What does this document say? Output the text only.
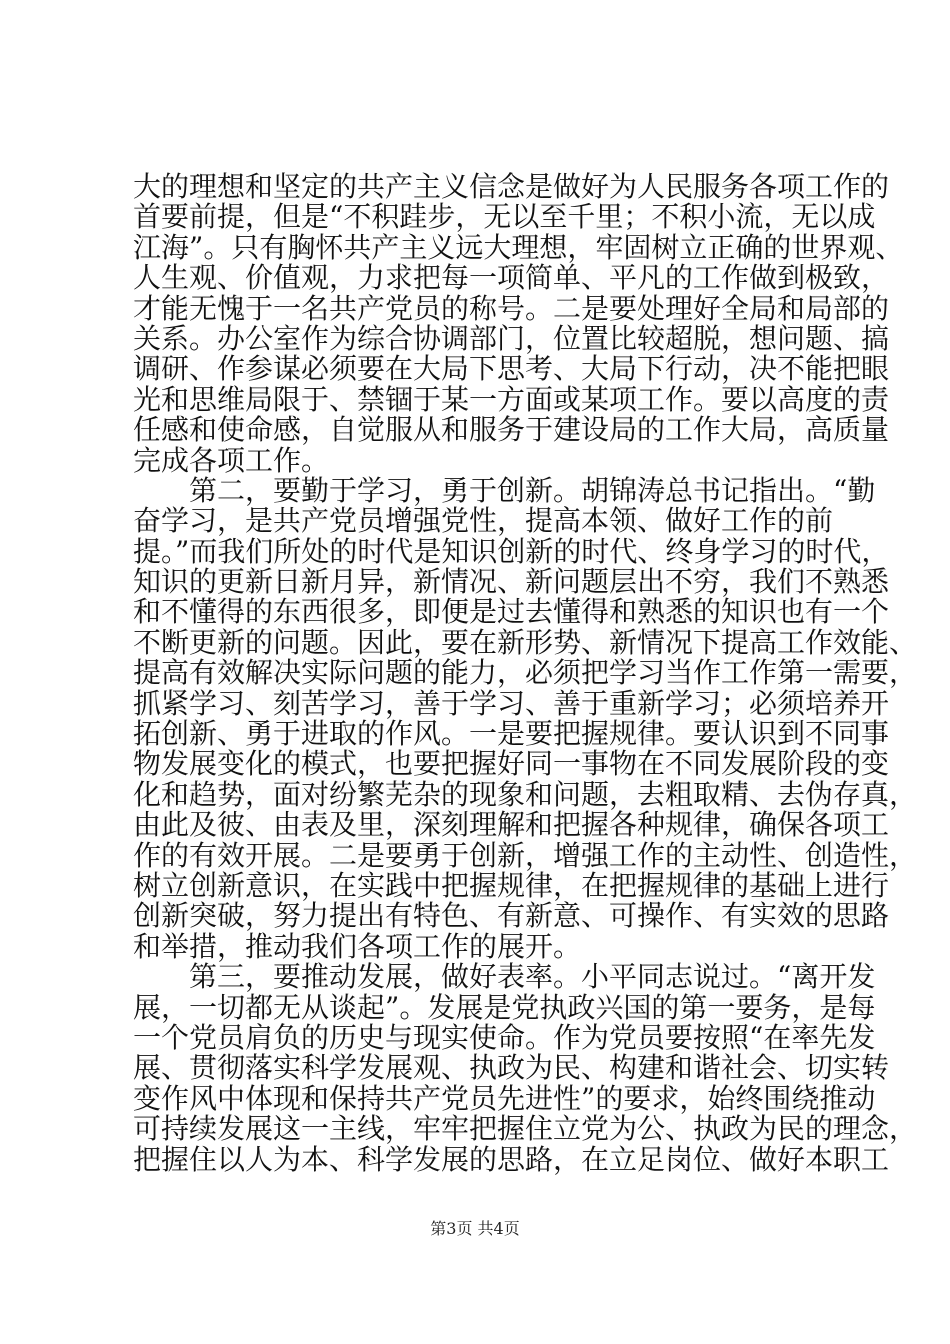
大的理想和坚定的共产主义信念是做好为人民服务各项工作的
首要前提，但是“不积跬步，无以至千里；不积小流，无以成
江海”。只有胸怀共产主义远大理想，牢固树立正确的世界观、
人生观、价值观，力求把每一项简单、平凡的工作做到极致，
才能无愧于一名共产党员的称号。二是要处理好全局和局部的
关系。办公室作为综合协调部门，位置比较超脱，想问题、搞
调研、作参谋必须要在大局下思考、大局下行动，决不能把眼
光和思维局限于、禁锢于某一方面或某项工作。要以高度的责
任感和使命感，自觉服从和服务于建设局的工作大局，高质量
完成各项工作。
第二，要勤于学习，勇于创新。胡锦涛总书记指出。“勤
奋学习，是共产党员增强党性，提高本领、做好工作的前
提。”而我们所处的时代是知识创新的时代、终身学习的时代，
知识的更新日新月异，新情况、新问题层出不穷，我们不熟悉
和不懂得的东西很多，即便是过去懂得和熟悉的知识也有一个
不断更新的问题。因此，要在新形势、新情况下提高工作效能、
提高有效解决实际问题的能力，必须把学习当作工作第一需要，
抓紧学习、刻苦学习，善于学习、善于重新学习；必须培养开
拓创新、勇于进取的作风。一是要把握规律。要认识到不同事
物发展变化的模式，也要把握好同一事物在不同发展阶段的变
化和趋势，面对纷繁芜杂的现象和问题，去粗取精、去伪存真，
由此及彼、由表及里，深刻理解和把握各种规律，确保各项工
作的有效开展。二是要勇于创新，增强工作的主动性、创造性，
树立创新意识，在实践中把握规律，在把握规律的基础上进行
创新突破，努力提出有特色、有新意、可操作、有实效的思路
和举措，推动我们各项工作的展开。
第三，要推动发展，做好表率。小平同志说过。“离开发
展，一切都无从谈起”。发展是党执政兴国的第一要务，是每
一个党员肩负的历史与现实使命。作为党员要按照“在率先发
展、贯彻落实科学发展观、执政为民、构建和谐社会、切实转
变作风中体现和保持共产党员先进性”的要求，始终围绕推动
可持续发展这一主线，牢牢把握住立党为公、执政为民的理念，
把握住以人为本、科学发展的思路，在立足岗位、做好本职工
第3页 共4页
